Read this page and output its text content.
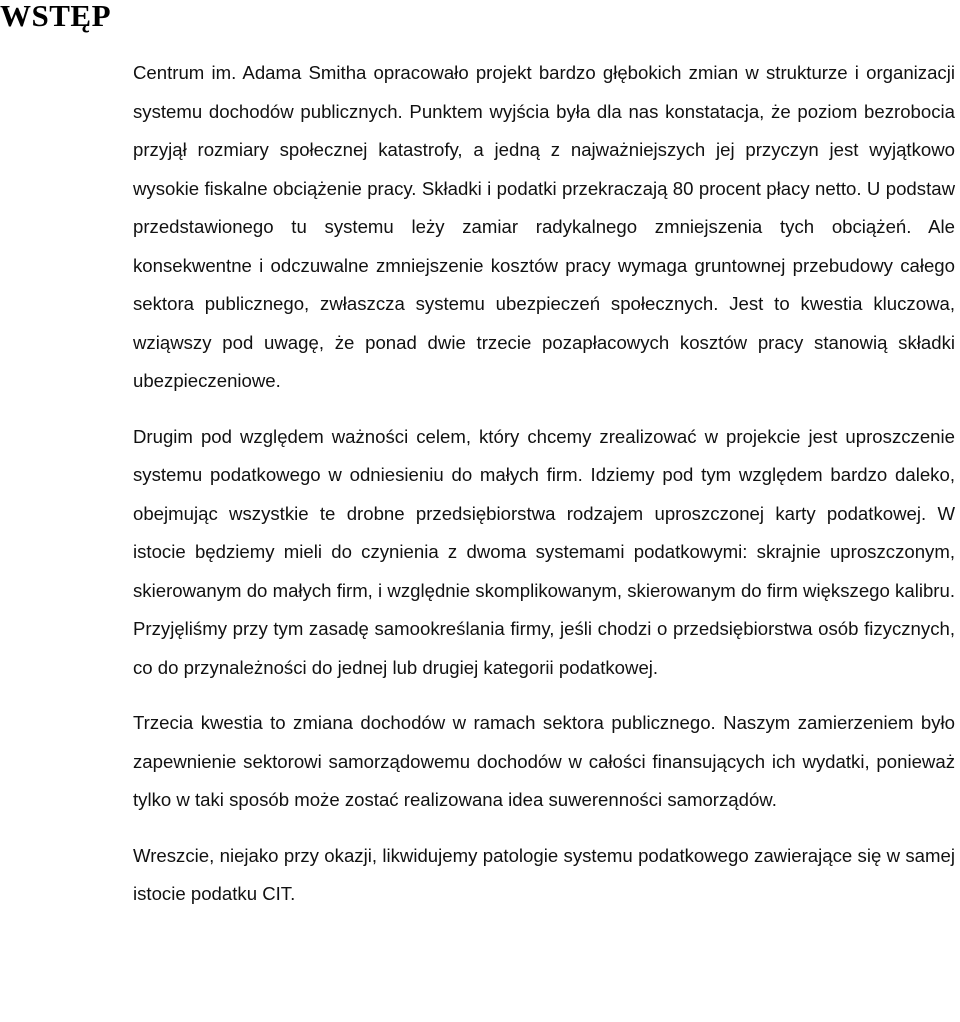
WSTĘP

Centrum im. Adama Smitha opracowało projekt bardzo głębokich zmian w strukturze i organizacji systemu dochodów publicznych. Punktem wyjścia była dla nas konstatacja, że poziom bezrobocia przyjął rozmiary społecznej katastrofy, a jedną z najważniejszych jej przyczyn jest wyjątkowo wysokie fiskalne obciążenie pracy. Składki i podatki przekraczają 80 procent płacy netto. U podstaw przedstawionego tu systemu leży zamiar radykalnego zmniejszenia tych obciążeń. Ale konsekwentne i odczuwalne zmniejszenie kosztów pracy wymaga gruntownej przebudowy całego sektora publicznego, zwłaszcza systemu ubezpieczeń społecznych. Jest to kwestia kluczowa, wziąwszy pod uwagę, że ponad dwie trzecie pozapłacowych kosztów pracy stanowią składki ubezpieczeniowe.

Drugim pod względem ważności celem, który chcemy zrealizować w projekcie jest uproszczenie systemu podatkowego w odniesieniu do małych firm. Idziemy pod tym względem bardzo daleko, obejmując wszystkie te drobne przedsiębiorstwa rodzajem uproszczonej karty podatkowej. W istocie będziemy mieli do czynienia z dwoma systemami podatkowymi: skrajnie uproszczonym, skierowanym do małych firm, i względnie skomplikowanym, skierowanym do firm większego kalibru. Przyjęliśmy przy tym zasadę samookreślania firmy, jeśli chodzi o przedsiębiorstwa osób fizycznych, co do przynależności do jednej lub drugiej kategorii podatkowej.

Trzecia kwestia to zmiana dochodów w ramach sektora publicznego. Naszym zamierzeniem było zapewnienie sektorowi samorządowemu dochodów w całości finansujących ich wydatki, ponieważ tylko w taki sposób może zostać realizowana idea suwerenności samorządów.

Wreszcie, niejako przy okazji, likwidujemy patologie systemu podatkowego zawierające się w samej istocie podatku CIT.
